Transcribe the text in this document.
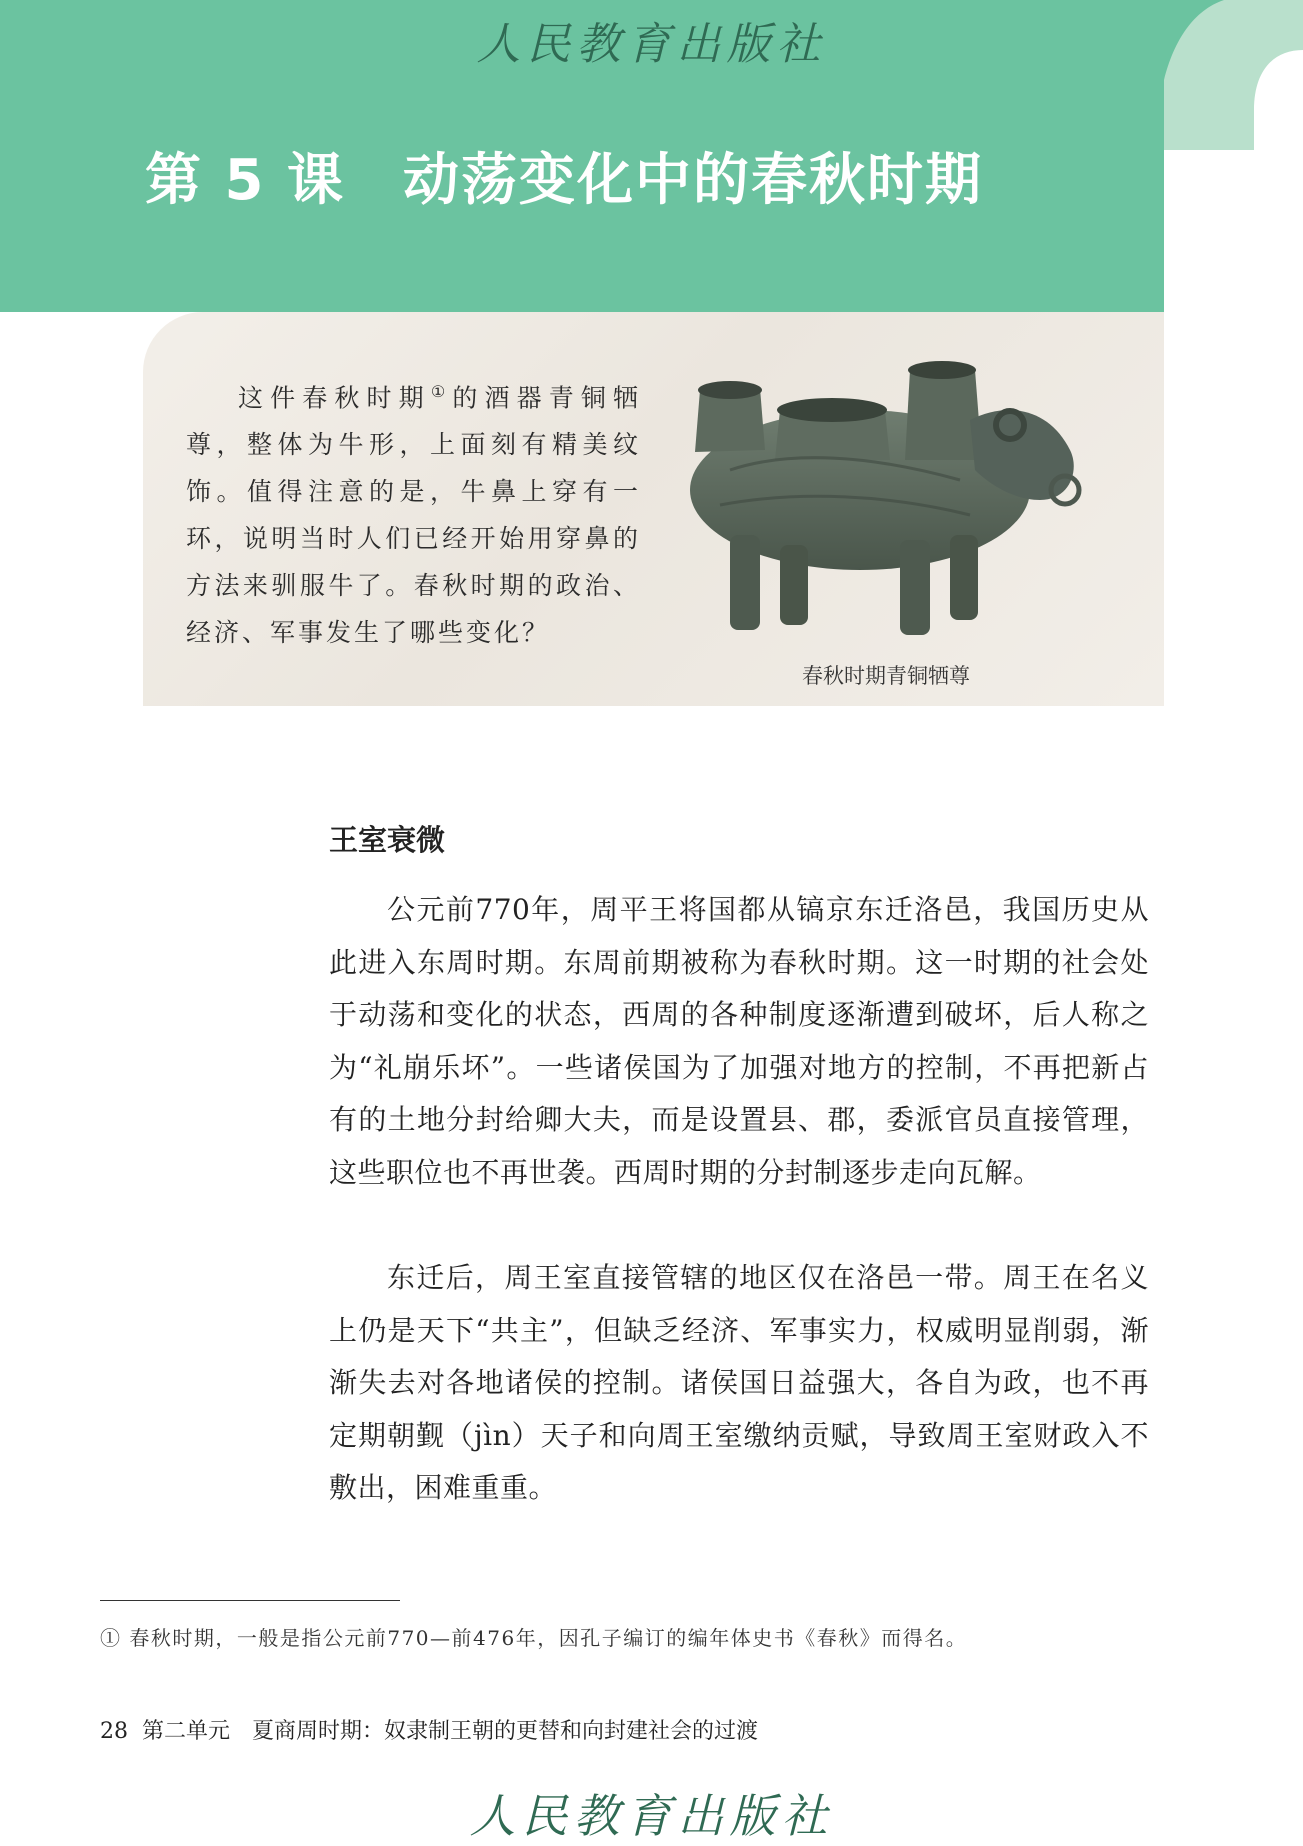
人民教育出版社
第 5 课 动荡变化中的春秋时期
这件春秋时期①的酒器青铜牺尊，整体为牛形，上面刻有精美纹饰。值得注意的是，牛鼻上穿有一环，说明当时人们已经开始用穿鼻的方法来驯服牛了。春秋时期的政治、经济、军事发生了哪些变化？
春秋时期青铜牺尊
王室衰微

公元前770年，周平王将国都从镐京东迁洛邑，我国历史从此进入东周时期。东周前期被称为春秋时期。这一时期的社会处于动荡和变化的状态，西周的各种制度逐渐遭到破坏，后人称之为“礼崩乐坏”。一些诸侯国为了加强对地方的控制，不再把新占有的土地分封给卿大夫，而是设置县、郡，委派官员直接管理，这些职位也不再世袭。西周时期的分封制逐步走向瓦解。

东迁后，周王室直接管辖的地区仅在洛邑一带。周王在名义上仍是天下“共主”，但缺乏经济、军事实力，权威明显削弱，渐渐失去对各地诸侯的控制。诸侯国日益强大，各自为政，也不再定期朝觐（jìn）天子和向周王室缴纳贡赋，导致周王室财政入不敷出，困难重重。

① 春秋时期，一般是指公元前770—前476年，因孔子编订的编年体史书《春秋》而得名。
28 第二单元 夏商周时期：奴隶制王朝的更替和向封建社会的过渡
人民教育出版社
